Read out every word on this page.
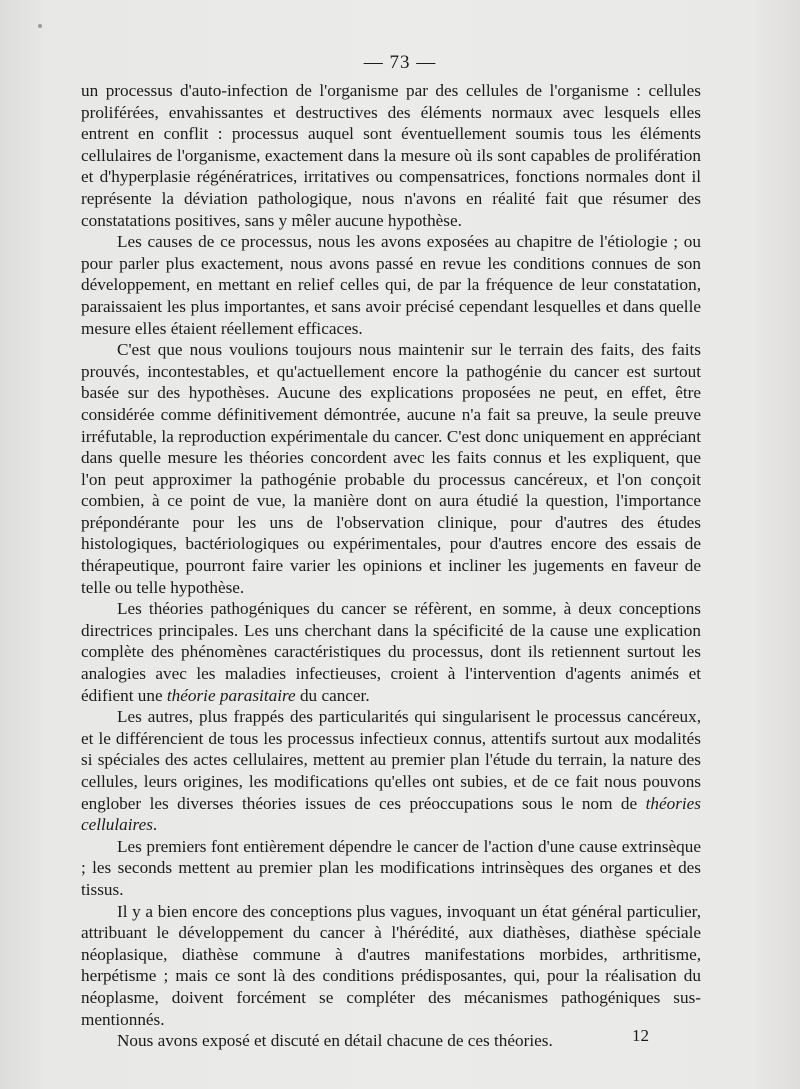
— 73 —

un processus d'auto-infection de l'organisme par des cellules de l'organisme : cellules proliférées, envahissantes et destructives des éléments normaux avec lesquels elles entrent en conflit : processus auquel sont éventuellement soumis tous les éléments cellulaires de l'organisme, exactement dans la mesure où ils sont capables de prolifération et d'hyperplasie régénératrices, irritatives ou compensatrices, fonctions normales dont il représente la déviation pathologique, nous n'avons en réalité fait que résumer des constatations positives, sans y mêler aucune hypothèse.

Les causes de ce processus, nous les avons exposées au chapitre de l'étiologie ; ou pour parler plus exactement, nous avons passé en revue les conditions connues de son développement, en mettant en relief celles qui, de par la fréquence de leur constatation, paraissaient les plus importantes, et sans avoir précisé cependant lesquelles et dans quelle mesure elles étaient réellement efficaces.

C'est que nous voulions toujours nous maintenir sur le terrain des faits, des faits prouvés, incontestables, et qu'actuellement encore la pathogénie du cancer est surtout basée sur des hypothèses. Aucune des explications proposées ne peut, en effet, être considérée comme définitivement démontrée, aucune n'a fait sa preuve, la seule preuve irréfutable, la reproduction expérimentale du cancer. C'est donc uniquement en appréciant dans quelle mesure les théories concordent avec les faits connus et les expliquent, que l'on peut approximer la pathogénie probable du processus cancéreux, et l'on conçoit combien, à ce point de vue, la manière dont on aura étudié la question, l'importance prépondérante pour les uns de l'observation clinique, pour d'autres des études histologiques, bactériologiques ou expérimentales, pour d'autres encore des essais de thérapeutique, pourront faire varier les opinions et incliner les jugements en faveur de telle ou telle hypothèse.

Les théories pathogéniques du cancer se réfèrent, en somme, à deux conceptions directrices principales. Les uns cherchant dans la spécificité de la cause une explication complète des phénomènes caractéristiques du processus, dont ils retiennent surtout les analogies avec les maladies infectieuses, croient à l'intervention d'agents animés et édifient une théorie parasitaire du cancer.

Les autres, plus frappés des particularités qui singularisent le processus cancéreux, et le différencient de tous les processus infectieux connus, attentifs surtout aux modalités si spéciales des actes cellulaires, mettent au premier plan l'étude du terrain, la nature des cellules, leurs origines, les modifications qu'elles ont subies, et de ce fait nous pouvons englober les diverses théories issues de ces préoccupations sous le nom de théories cellulaires.

Les premiers font entièrement dépendre le cancer de l'action d'une cause extrinsèque ; les seconds mettent au premier plan les modifications intrinsèques des organes et des tissus.

Il y a bien encore des conceptions plus vagues, invoquant un état général particulier, attribuant le développement du cancer à l'hérédité, aux diathèses, diathèse spéciale néoplasique, diathèse commune à d'autres manifestations morbides, arthritisme, herpétisme ; mais ce sont là des conditions prédisposantes, qui, pour la réalisation du néoplasme, doivent forcément se compléter des mécanismes pathogéniques sus-mentionnés.

Nous avons exposé et discuté en détail chacune de ces théories.	12
